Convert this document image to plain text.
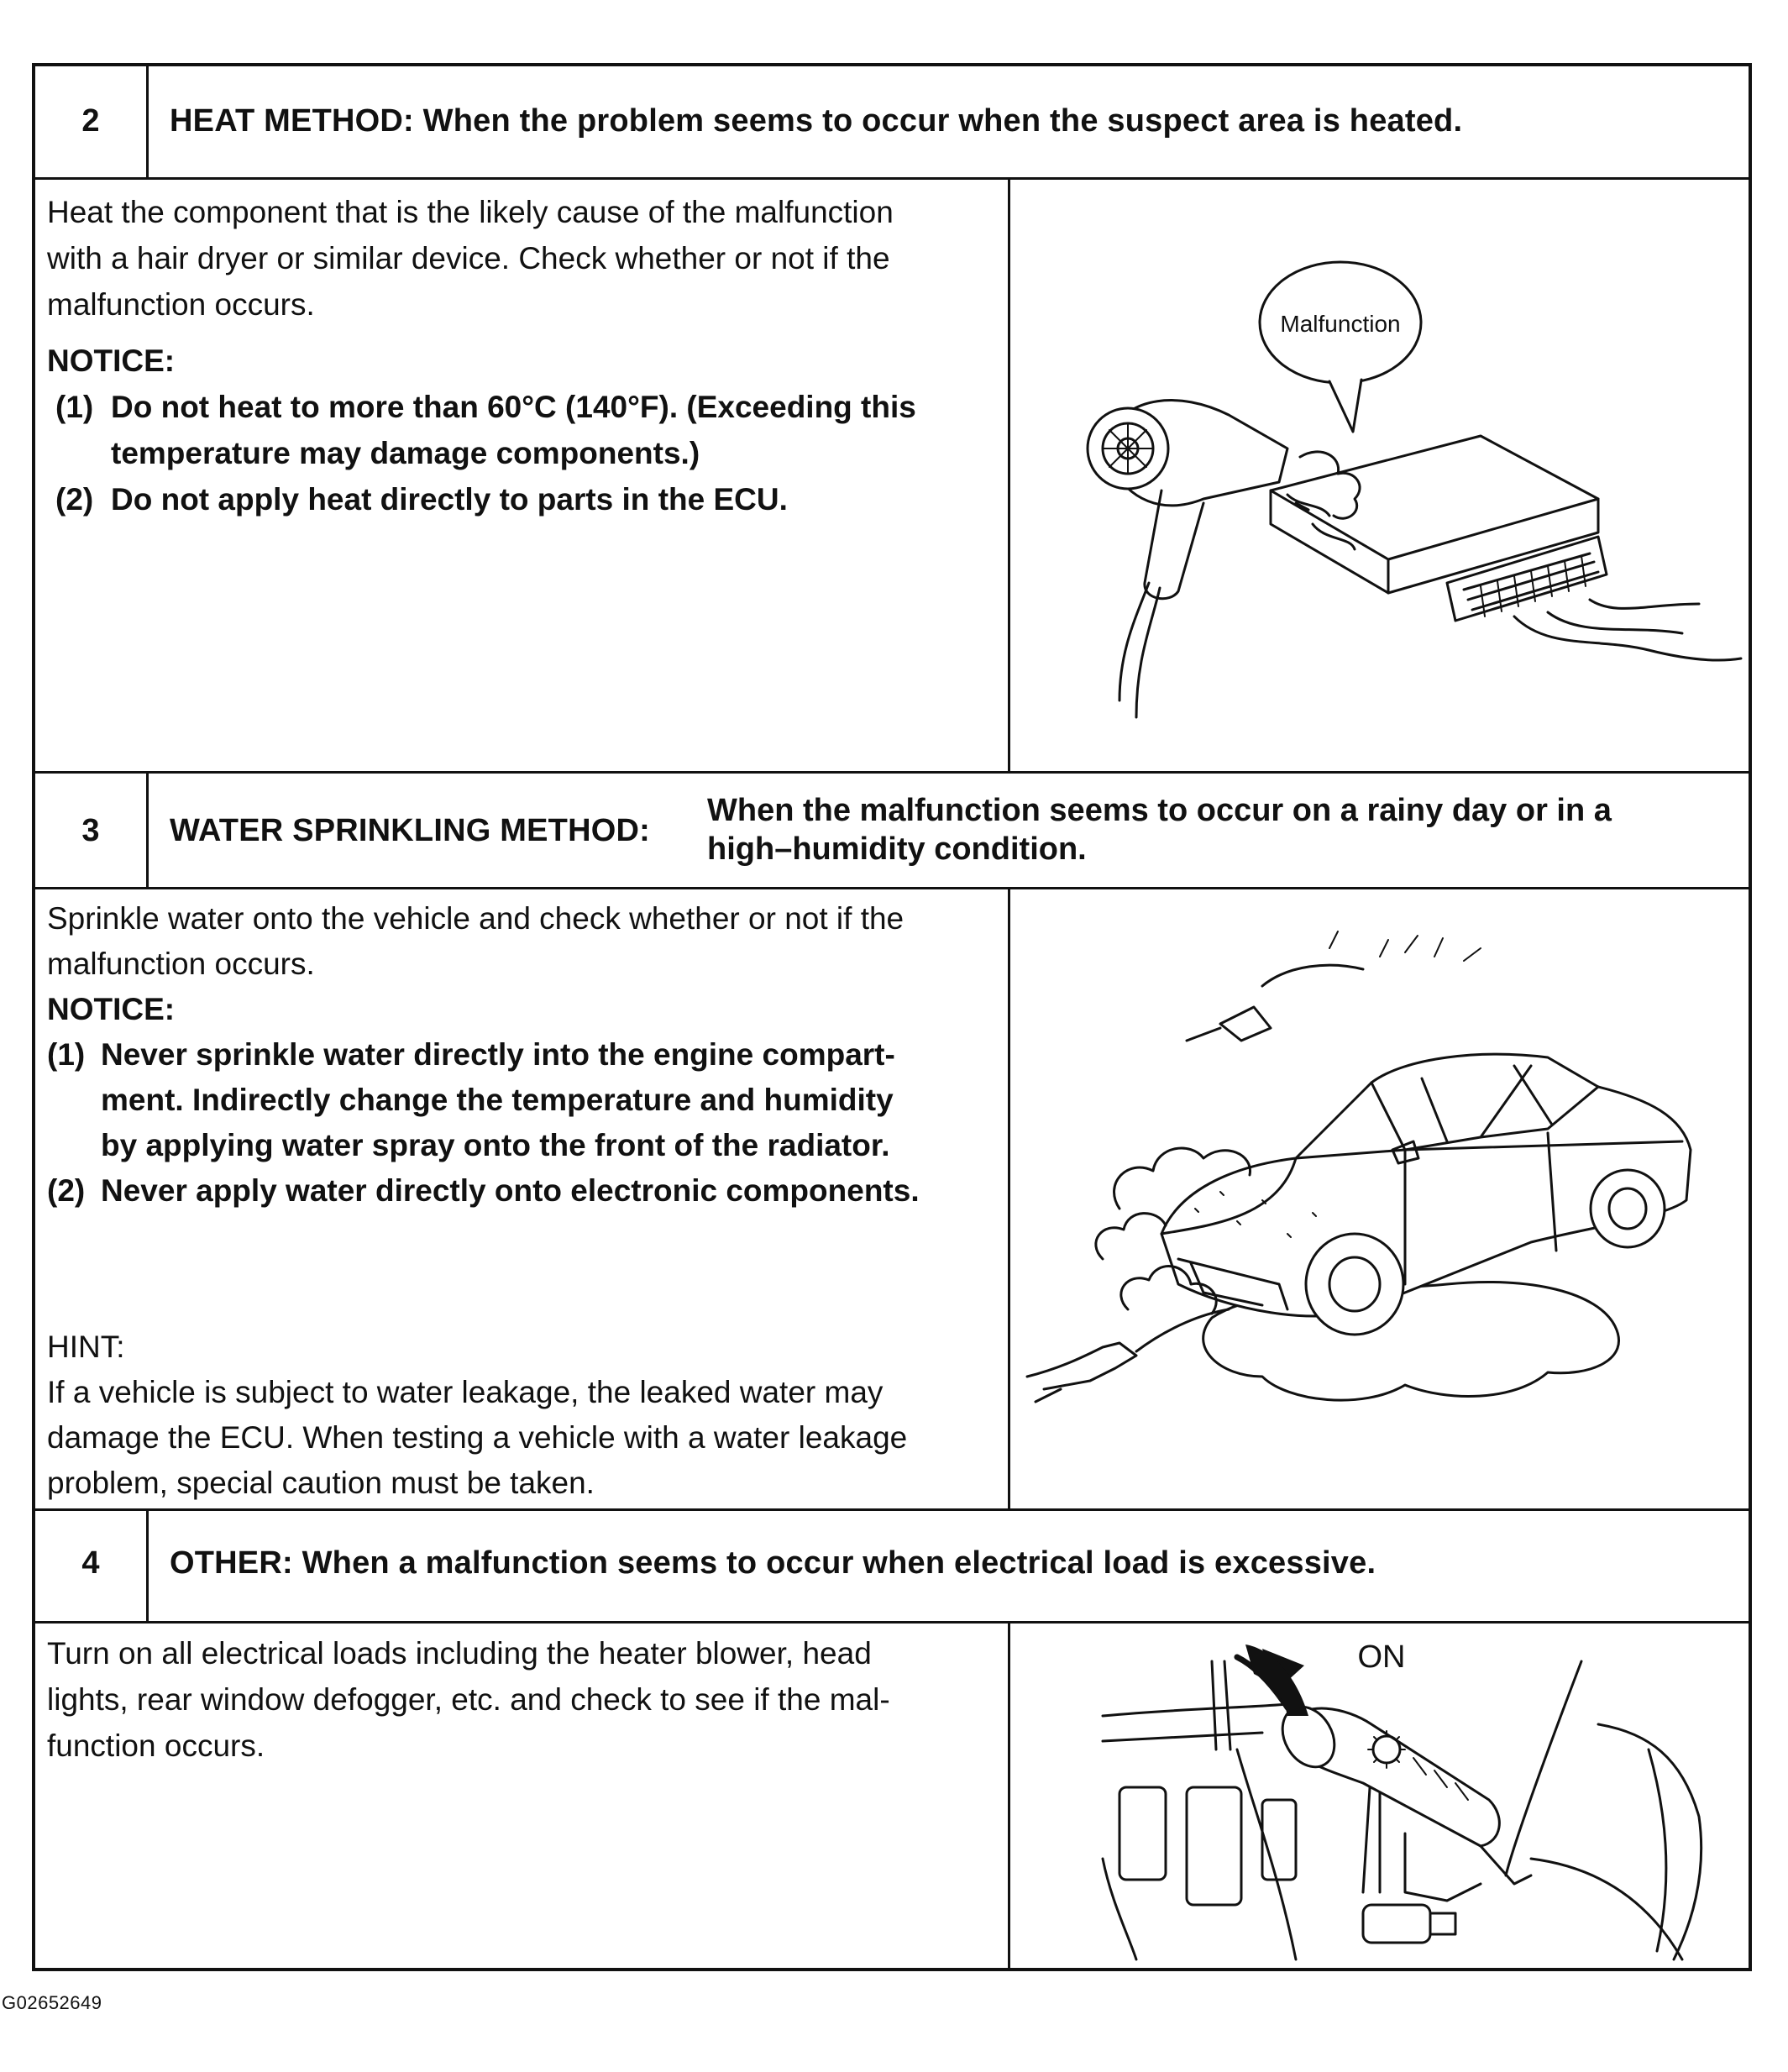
2	HEAT METHOD: When the problem seems to occur when the suspect area is heated.

Heat the component that is the likely cause of the malfunction

with a hair dryer or similar device. Check whether or not if the

malfunction occurs.

NOTICE:

(1) Do not heat to more than 60°C (140°F). (Exceeding this
temperature may damage components.)
(2) Do not apply heat directly to parts in the ECU.
Malfunction
3	WATER SPRINKLING METHOD:
When the malfunction seems to occur on a rainy day or in a
high–humidity condition.

Sprinkle water onto the vehicle and check whether or not if the

malfunction occurs.

NOTICE:

(1) Never sprinkle water directly into the engine compart-
ment. Indirectly change the temperature and humidity
by applying water spray onto the front of the radiator.
(2) Never apply water directly onto electronic components.

HINT:

If a vehicle is subject to water leakage, the leaked water may

damage the ECU. When testing a vehicle with a water leakage

problem, special caution must be taken.

4	OTHER: When a malfunction seems to occur when electrical load is excessive.

Turn on all electrical loads including the heater blower, head

lights, rear window defogger, etc. and check to see if the mal-

function occurs.

ON
G02652649
